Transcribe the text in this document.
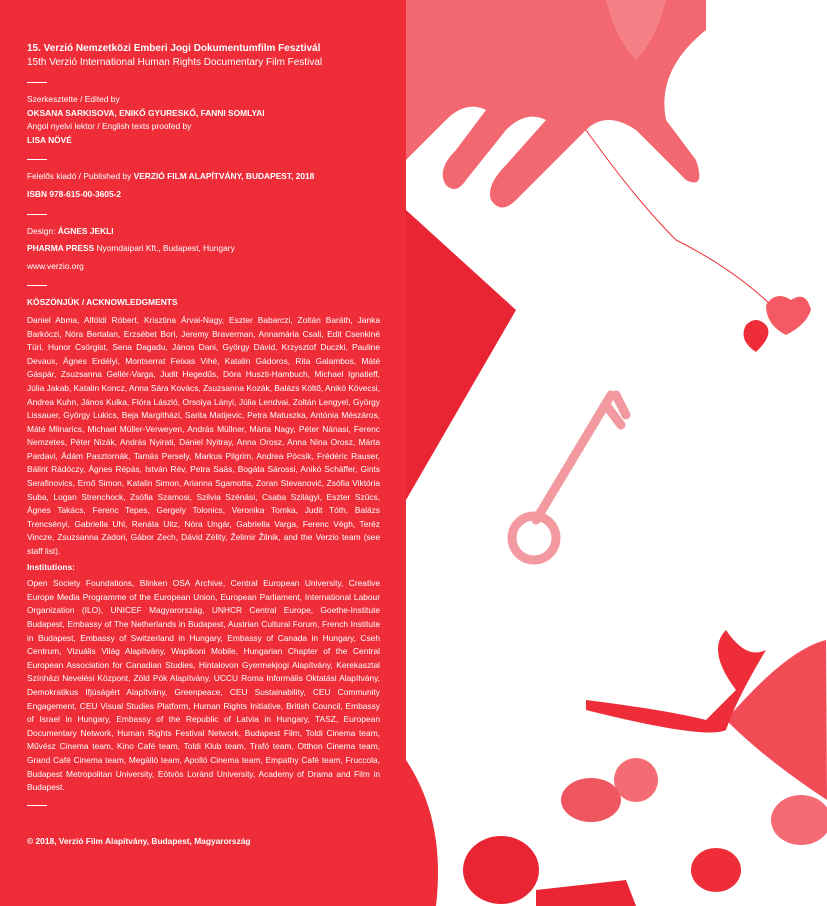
15. Verzió Nemzetközi Emberi Jogi Dokumentumfilm Fesztivál
15th Verzió International Human Rights Documentary Film Festival
Szerkesztette / Edited by
OKSANA SARKISOVA, ENIKŐ GYURESKŐ, FANNI SOMLYAI
Angol nyelvi lektor / English texts proofed by
LISA NÖVÉ
Felelős kiadó / Published by VERZIÓ FILM ALAPÍTVÁNY, BUDAPEST, 2018
ISBN 978-615-00-3605-2
Design: ÁGNES JEKLI
PHARMA PRESS Nyomdaipari Kft., Budapest, Hungary
www.verzio.org
KÖSZÖNJÜK / ACKNOWLEDGMENTS
Daniel Abma, Alföldi Róbert, Krisztina Árvai-Nagy, Eszter Babarczi, Zoltán Baráth, Janka Barkóczi, Nóra Bertalan, Erzsébet Bori, Jeremy Braverman, Annamária Csali, Edit Csenkiné Türi, Hunor Csörgist, Sena Dagadu, János Dani, György Dávid, Krzysztof Duczki, Pauline Devaux, Ágnes Erdélyi, Montserrat Feixas Vihé, Katalin Gádoros, Rita Galambos, Máté Gáspár, Zsuzsanna Gellér-Varga, Judit Hegedűs, Dóra Huszti-Hambuch, Michael Ignatieff, Júlia Jakab, Katalin Koncz, Anna Sára Kovács, Zsuzsanna Kozák, Balázs Költő, Anikó Kövecsi, Andrea Kuhn, János Kulka, Flóra László, Orsolya Lányi, Júlia Lendvai, Zoltán Lengyel, György Lissauer, György Lukics, Beja Margitházi, Sarita Matijevic, Petra Matuszka, Antónia Mészáros, Máté Mlinarics, Michael Müller-Verweyen, András Müllner, Márta Nagy, Péter Nánasi, Ferenc Nemzetes, Péter Nizák, András Nyirati, Dániel Nyitray, Anna Orosz, Anna Nina Orosz, Márta Pardavi, Ádám Pasztornák, Tamás Persely, Markus Pilgrim, Andrea Pócsik, Frédéric Rauser, Bálint Rádóczy, Ágnes Répás, István Rév, Petra Saās, Bogáta Sárossi, Anikó Schäffer, Gints Serafinovics, Ernő Simon, Katalin Simon, Arianna Sgamotta, Zoran Stevanović, Zsófia Viktória Suba, Logan Strenchock, Zsófia Szamosi, Szilvia Szénási, Csaba Szilágyi, Eszter Szűcs, Ágnes Takács, Ferenc Tepes, Gergely Tolonics, Veronika Tomka, Judit Tóth, Balázs Trencsényi, Gabriella Uhl, Renáta Uitz, Nóra Ungár, Gabriella Varga, Ferenc Végh, Teréz Vincze, Zsuzsanna Zádori, Gábor Zech, Dávid Zélity, Želimir Žilnik, and the Verzio team (see staff list).
Institutions:
Open Society Foundations, Blinken OSA Archive, Central European University, Creative Europe Media Programme of the European Union, European Parliament, International Labour Organization (ILO), UNICEF Magyarország, UNHCR Central Europe, Goethe-Institute Budapest, Embassy of The Netherlands in Budapest, Austrian Cultural Forum, French Institute in Budapest, Embassy of Switzerland in Hungary, Embassy of Canada in Hungary, Cseh Centrum, Vizuális Világ Alapítvány, Wapikoni Mobile, Hungarian Chapter of the Central European Association for Canadian Studies, Hintalovon Gyermekjogi Alapítvány, Kerekasztal Színházi Nevelési Központ, Zöld Pók Alapítvány, UCCU Roma Informális Oktatási Alapítvány, Demokratikus Ifjúságért Alapítvány, Greenpeace, CEU Sustainability, CEU Community Engagement, CEU Visual Studies Platform, Human Rights Initiative, British Council, Embassy of Israel in Hungary, Embassy of the Republic of Latvia in Hungary, TASZ, European Documentary Network, Human Rights Festival Network, Budapest Film, Toldi Cinema team, Művész Cinema team, Kino Café team, Toldi Klub team, Trafó team, Otthon Cinema team, Grand Café Cinema team, Megálló team, Apolló Cinema team, Empathy Café team, Fruccola, Budapest Metropolitan University, Eötvös Loránd University, Academy of Drama and Film in Budapest.
© 2018, Verzió Film Alapítvány, Budapest, Magyarország
